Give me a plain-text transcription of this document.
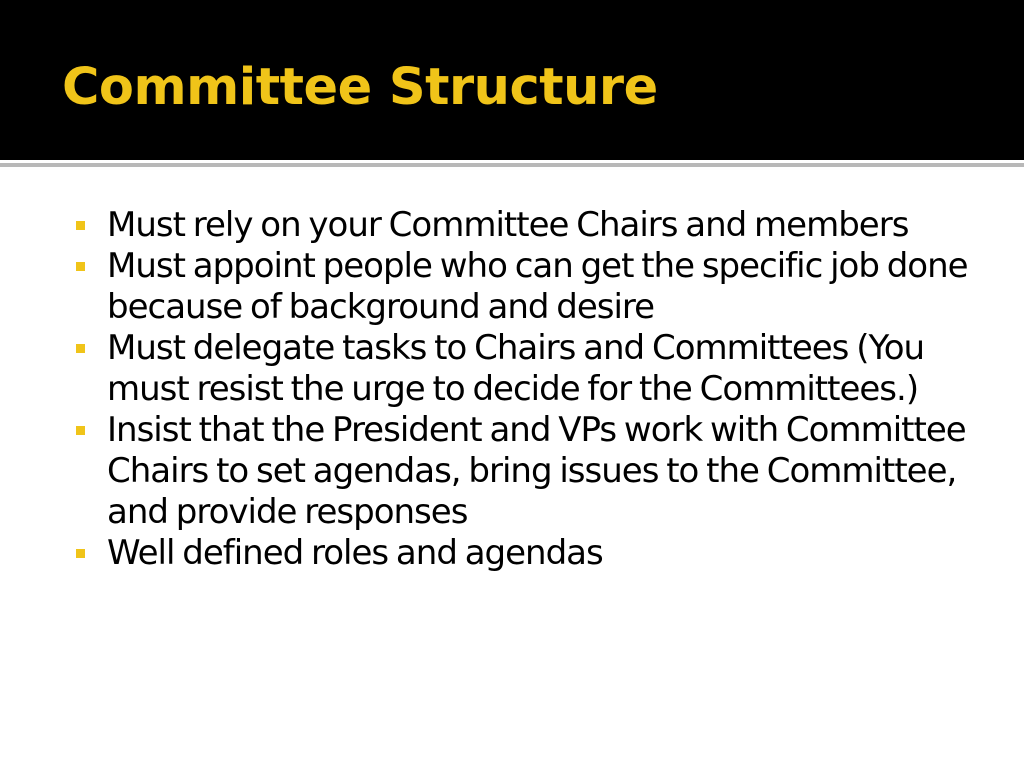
Committee Structure
Must rely on your Committee Chairs and members
Must appoint people who can get the specific job done because of background and desire
Must delegate tasks to Chairs and Committees (You must resist the urge to decide for the Committees.)
Insist that the President and VPs work with Committee Chairs to set agendas, bring issues to the Committee, and provide responses
Well defined roles and agendas
